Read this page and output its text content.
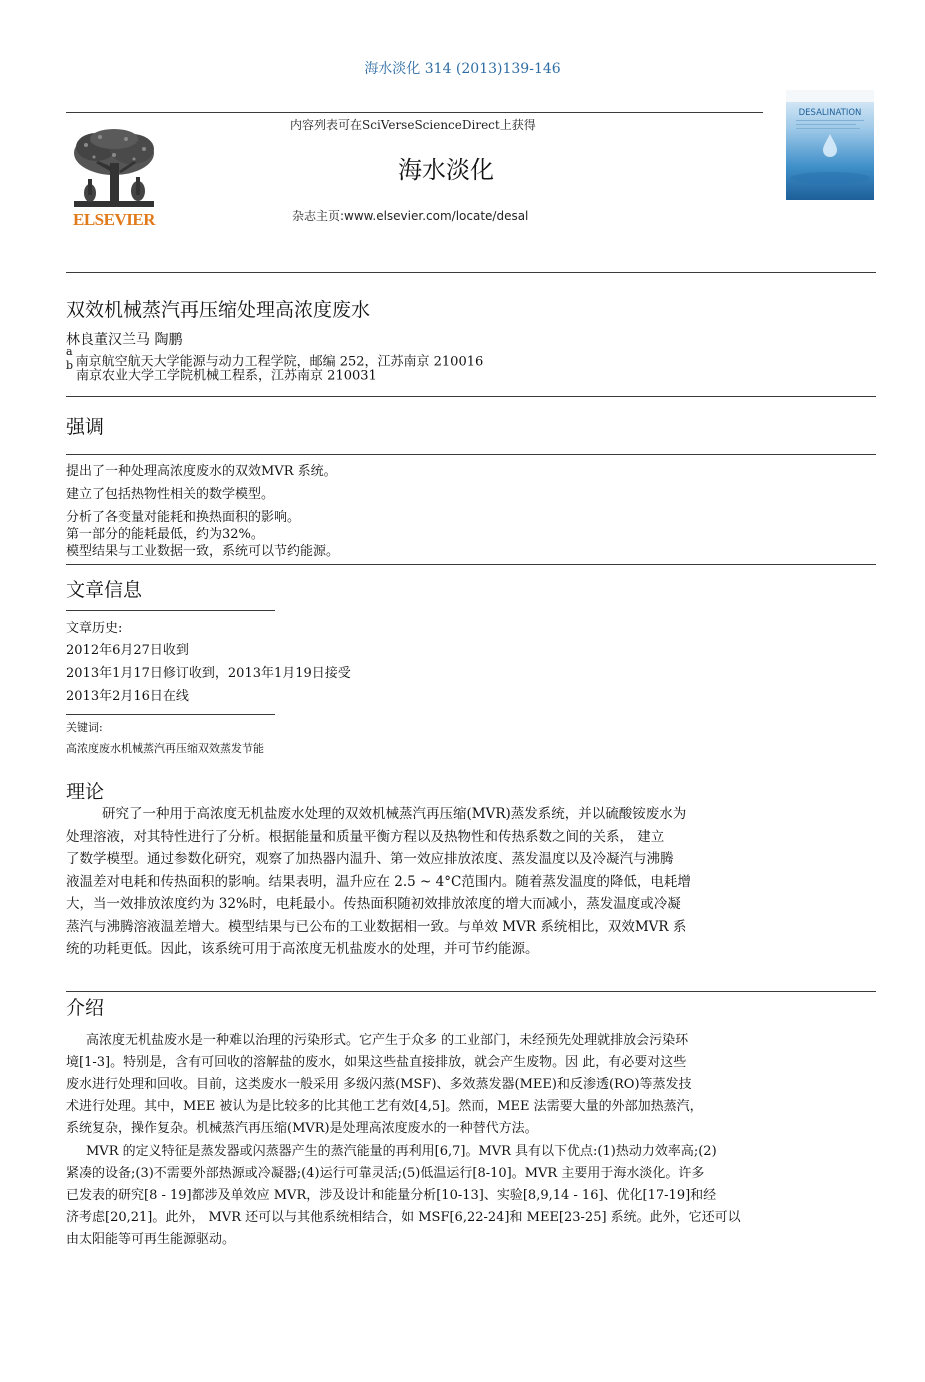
海水淡化 314 (2013)139-146
内容列表可在SciVerseScienceDirect上获得
海水淡化
杂志主页:www.elsevier.com/locate/desal
ELSEVIER
DESALINATION
双效机械蒸汽再压缩处理高浓度废水
林良董汉兰马 陶鹏
$^a$南京航空航天大学能源与动力工程学院，邮编 252，江苏南京 210016
$^b$南京农业大学工学院机械工程系，江苏南京 210031
强调
提出了一种处理高浓度废水的双效MVR 系统。
建立了包括热物性相关的数学模型。
分析了各变量对能耗和换热面积的影响。
第一部分的能耗最低，约为32%。
模型结果与工业数据一致，系统可以节约能源。
文章信息
文章历史:
2012年6月27日收到
2013年1月17日修订收到，2013年1月19日接受
2013年2月16日在线
关键词:
高浓度废水机械蒸汽再压缩双效蒸发节能
理论
研究了一种用于高浓度无机盐废水处理的双效机械蒸汽再压缩(MVR)蒸发系统，并以硫酸铵废水为
处理溶液，对其特性进行了分析。根据能量和质量平衡方程以及热物性和传热系数之间的关系， 建立
了数学模型。通过参数化研究，观察了加热器内温升、第一效应排放浓度、蒸发温度以及冷凝汽与沸腾
液温差对电耗和传热面积的影响。结果表明，温升应在 2.5 ~ 4°C范围内。随着蒸发温度的降低，电耗增
大，当一效排放浓度约为 32%时，电耗最小。传热面积随初效排放浓度的增大而减小，蒸发温度或冷凝
蒸汽与沸腾溶液温差增大。模型结果与已公布的工业数据相一致。与单效 MVR 系统相比，双效MVR 系
统的功耗更低。因此，该系统可用于高浓度无机盐废水的处理，并可节约能源。
介绍
高浓度无机盐废水是一种难以治理的污染形式。它产生于众多 的工业部门，未经预先处理就排放会污染环
境[1-3]。特别是，含有可回收的溶解盐的废水，如果这些盐直接排放，就会产生废物。因 此，有必要对这些
废水进行处理和回收。目前，这类废水一般采用 多级闪蒸(MSF)、多效蒸发器(MEE)和反渗透(RO)等蒸发技
术进行处理。其中，MEE 被认为是比较多的比其他工艺有效[4,5]。然而，MEE 法需要大量的外部加热蒸汽，
系统复杂，操作复杂。机械蒸汽再压缩(MVR)是处理高浓度废水的一种替代方法。
MVR 的定义特征是蒸发器或闪蒸器产生的蒸汽能量的再利用[6,7]。MVR 具有以下优点:(1)热动力效率高;(2)
紧凑的设备;(3)不需要外部热源或冷凝器;(4)运行可靠灵活;(5)低温运行[8-10]。MVR 主要用于海水淡化。许多
已发表的研究[8 - 19]都涉及单效应 MVR，涉及设计和能量分析[10-13]、实验[8,9,14 - 16]、优化[17-19]和经
济考虑[20,21]。此外， MVR 还可以与其他系统相结合，如 MSF[6,22-24]和 MEE[23-25] 系统。此外，它还可以
由太阳能等可再生能源驱动。
